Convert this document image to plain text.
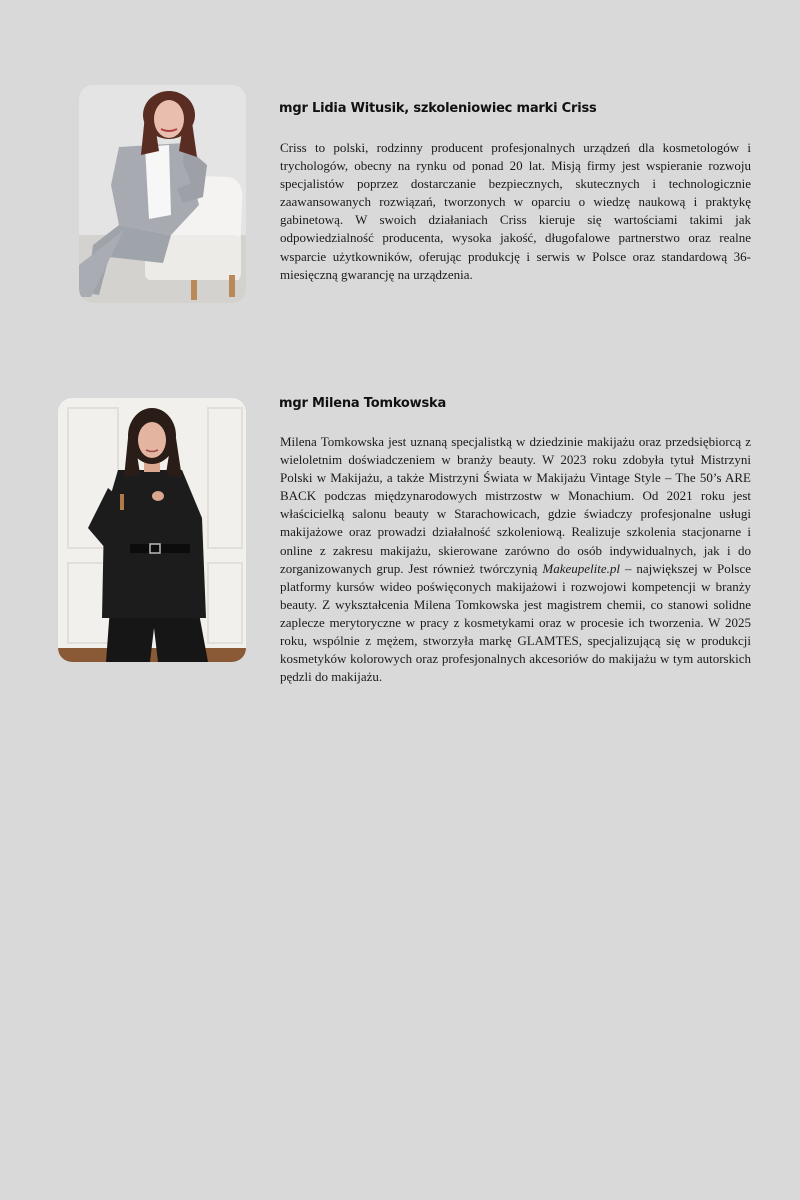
mgr Lidia Witusik, szkoleniowiec marki Criss

Criss to polski, rodzinny producent profesjonalnych urządzeń dla kosmetologów i trychologów, obecny na rynku od ponad 20 lat. Misją firmy jest wspieranie rozwoju specjalistów poprzez dostarczanie bezpiecznych, skutecznych i technologicznie zaawansowanych rozwiązań, tworzonych w oparciu o wiedzę naukową i praktykę gabinetową. W swoich działaniach Criss kieruje się wartościami takimi jak odpowiedzialność producenta, wysoka jakość, długofalowe partnerstwo oraz realne wsparcie użytkowników, oferując produkcję i serwis w Polsce oraz standardową 36-miesięczną gwarancję na urządzenia.

mgr Milena Tomkowska

Milena Tomkowska jest uznaną specjalistką w dziedzinie makijażu oraz przedsiębiorcą z wieloletnim doświadczeniem w branży beauty. W 2023 roku zdobyła tytuł Mistrzyni Polski w Makijażu, a także Mistrzyni Świata w Makijażu Vintage Style – The 50’s ARE BACK podczas międzynarodowych mistrzostw w Monachium. Od 2021 roku jest właścicielką salonu beauty w Starachowicach, gdzie świadczy profesjonalne usługi makijażowe oraz prowadzi działalność szkoleniową. Realizuje szkolenia stacjonarne i online z zakresu makijażu, skierowane zarówno do osób indywidualnych, jak i do zorganizowanych grup. Jest również twórczynią Makeupelite.pl – największej w Polsce platformy kursów wideo poświęconych makijażowi i rozwojowi kompetencji w branży beauty. Z wykształcenia Milena Tomkowska jest magistrem chemii, co stanowi solidne zaplecze merytoryczne w pracy z kosmetykami oraz w procesie ich tworzenia. W 2025 roku, wspólnie z mężem, stworzyła markę GLAMTES, specjalizującą się w produkcji kosmetyków kolorowych oraz profesjonalnych akcesoriów do makijażu w tym autorskich pędzli do makijażu.
